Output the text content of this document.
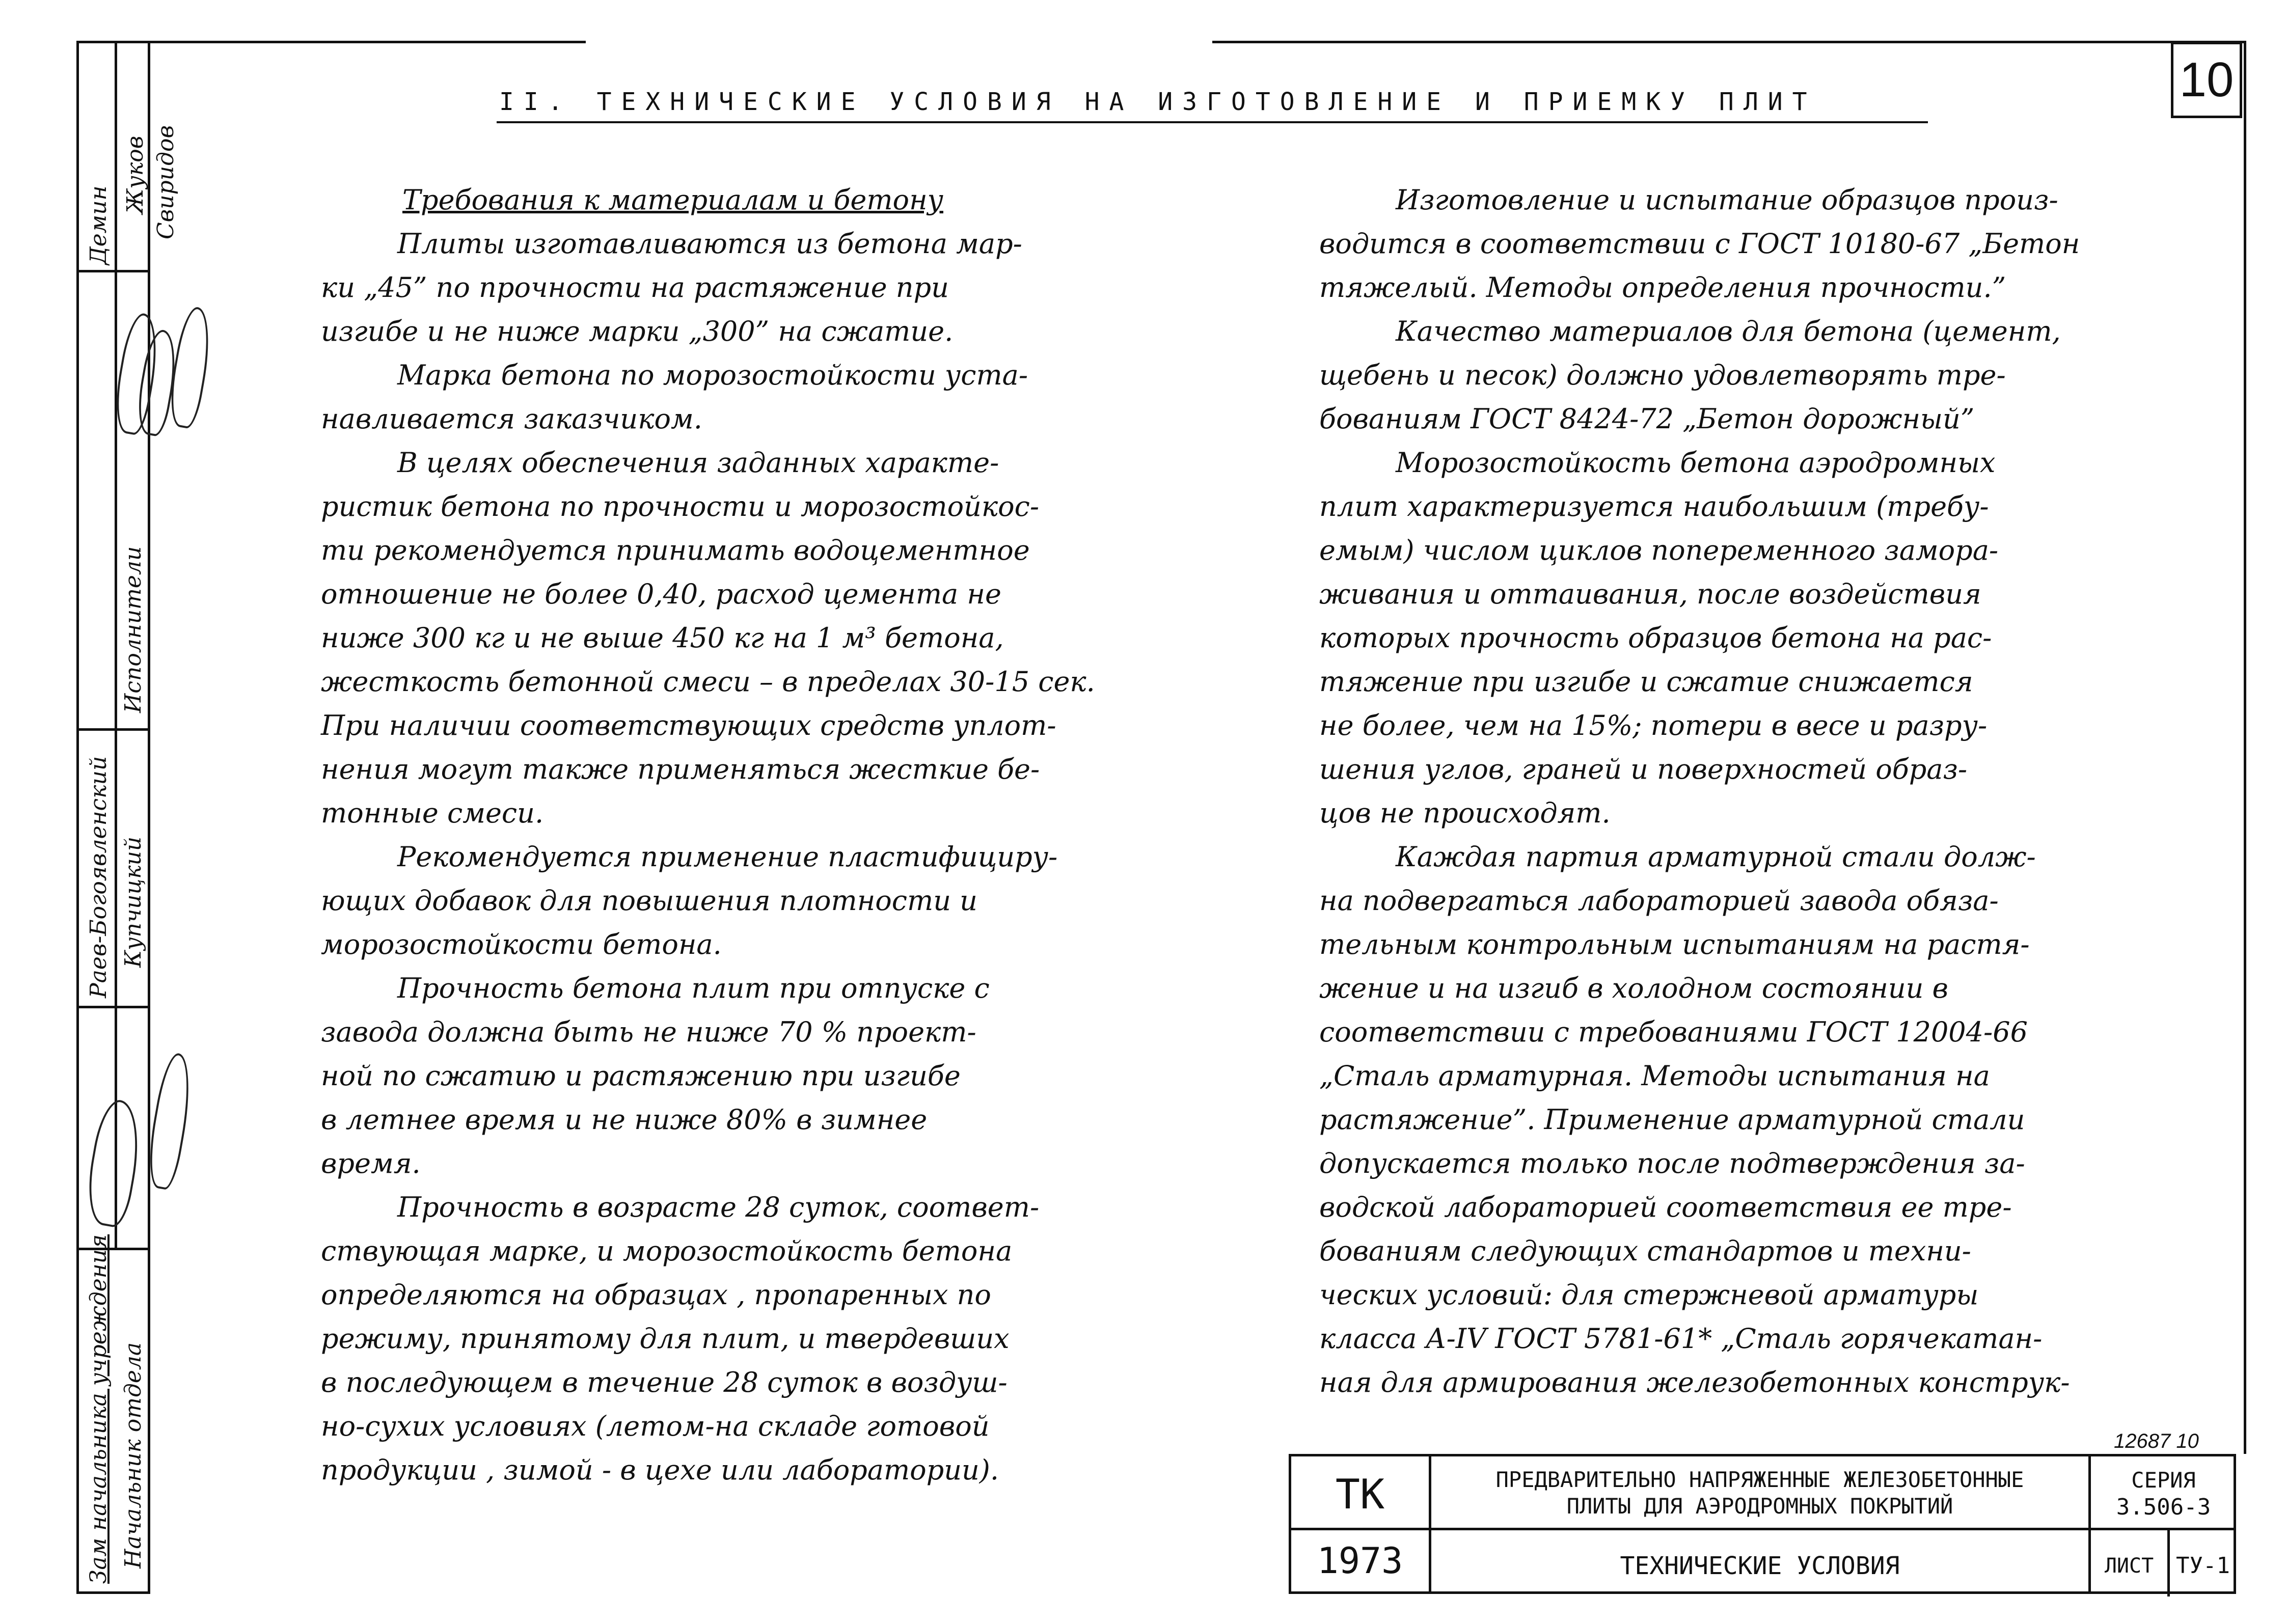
Демин
Жуков Свиридов
Исполнители
Раев-Богоявленский Купчицкий
Зам начальника учреждения Начальник отдела
II. ТЕХНИЧЕСКИЕ УСЛОВИЯ НА ИЗГОТОВЛЕНИЕ И ПРИЕМКУ ПЛИТ	10

Требования к материалам и бетону

Плиты изготавливаются из бетона мар-

ки „45” по прочности на растяжение при

изгибе и не ниже марки „300” на сжатие.

Марка бетона по морозостойкости уста-

навливается заказчиком.

В целях обеспечения заданных характе-

ристик бетона по прочности и морозостойкос-

ти рекомендуется принимать водоцементное

отношение не более 0,40, расход цемента не

ниже 300 кг и не выше 450 кг на 1 м³ бетона,

жесткость бетонной смеси – в пределах 30-15 сек.

При наличии соответствующих средств уплот-

нения могут также применяться жесткие бе-

тонные смеси.

Рекомендуется применение пластифициру-

ющих добавок для повышения плотности и

морозостойкости бетона.

Прочность бетона плит при отпуске с

завода должна быть не ниже 70 % проект-

ной по сжатию и растяжению при изгибе

в летнее время и не ниже 80% в зимнее

время.

Прочность в возрасте 28 суток, соответ-

ствующая марке, и морозостойкость бетона

определяются на образцах , пропаренных по

режиму, принятому для плит, и твердевших

в последующем в течение 28 суток в воздуш-

но-сухих условиях (летом-на складе готовой

продукции , зимой - в цехе или лаборатории).

Изготовление и испытание образцов произ-

водится в соответствии с ГОСТ 10180-67 „Бетон

тяжелый. Методы определения прочности.”

Качество материалов для бетона (цемент,

щебень и песок) должно удовлетворять тре-

бованиям ГОСТ 8424-72 „Бетон дорожный”

Морозостойкость бетона аэродромных

плит характеризуется наибольшим (требу-

емым) числом циклов попеременного замора-

живания и оттаивания, после воздействия

которых прочность образцов бетона на рас-

тяжение при изгибе и сжатие снижается

не более, чем на 15%; потери в весе и разру-

шения углов, граней и поверхностей образ-

цов не происходят.

Каждая партия арматурной стали долж-

на подвергаться лабораторией завода обяза-

тельным контрольным испытаниям на растя-

жение и на изгиб в холодном состоянии в

соответствии с требованиями ГОСТ 12004-66

„Сталь арматурная. Методы испытания на

растяжение”. Применение арматурной стали

допускается только после подтверждения за-

водской лабораторией соответствия ее тре-

бованиям следующих стандартов и техни-

ческих условий: для стержневой арматуры

класса А-IV ГОСТ 5781-61* „Сталь горячекатан-

ная для армирования железобетонных конструк-

12687 10
ТК
1973
ПРЕДВАРИТЕЛЬНО НАПРЯЖЕННЫЕ ЖЕЛЕЗОБЕТОННЫЕ
ПЛИТЫ ДЛЯ АЭРОДРОМНЫХ ПОКРЫТИЙ
ТЕХНИЧЕСКИЕ УСЛОВИЯ
СЕРИЯ
3.506-3
ЛИСТ ТУ-1
